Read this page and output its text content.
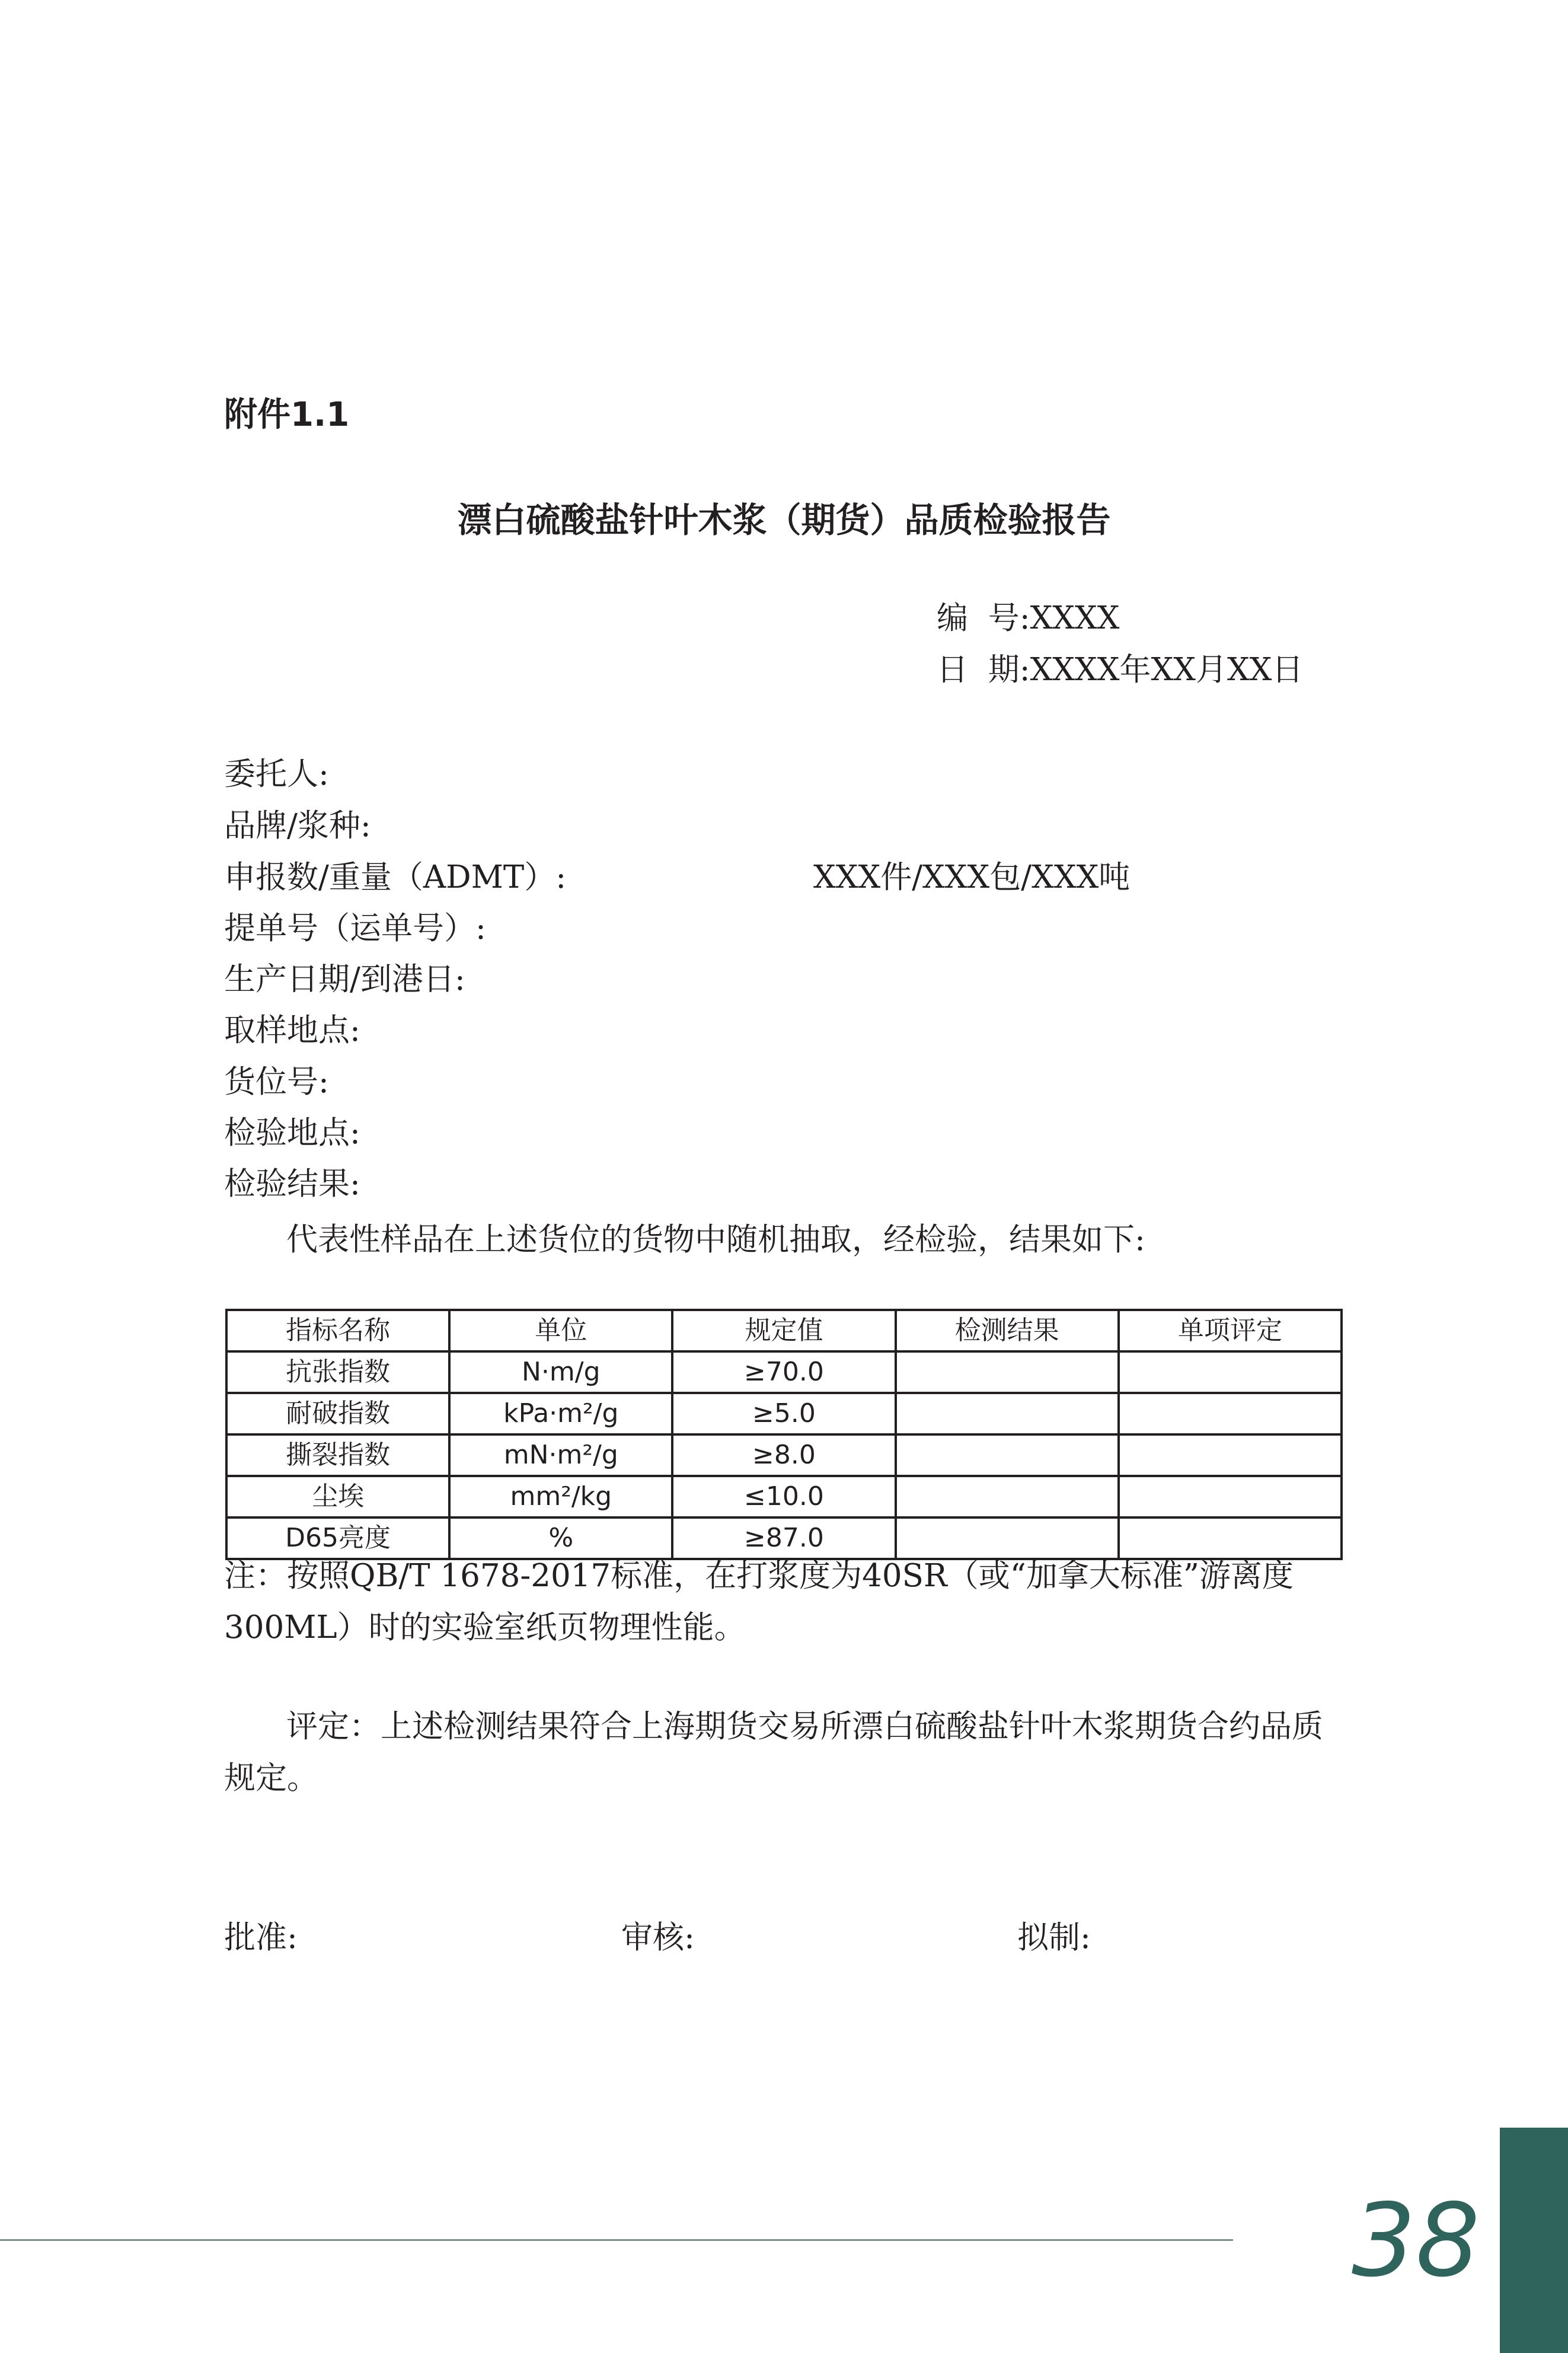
附件1.1
漂白硫酸盐针叶木浆（期货）品质检验报告
编  号:XXXX
日  期:XXXX年XX月XX日
委托人:
品牌/浆种:
申报数/重量（ADMT）:	XXX件/XXX包/XXX吨
提单号（运单号）:
生产日期/到港日:
取样地点:
货位号:
检验地点:
检验结果:
代表性样品在上述货位的货物中随机抽取，经检验，结果如下:
指标名称	单位	规定值	检测结果	单项评定
抗张指数	N·m/g	≥70.0		
耐破指数	kPa·m²/g	≥5.0		
撕裂指数	mN·m²/g	≥8.0		
尘埃	mm²/kg	≤10.0		
D65亮度	%	≥87.0		
注：按照QB/T 1678-2017标准，在打浆度为40SR（或“加拿大标准”游离度300ML）时的实验室纸页物理性能。
评定：上述检测结果符合上海期货交易所漂白硫酸盐针叶木浆期货合约品质规定。
批准:	审核:	拟制:
38
